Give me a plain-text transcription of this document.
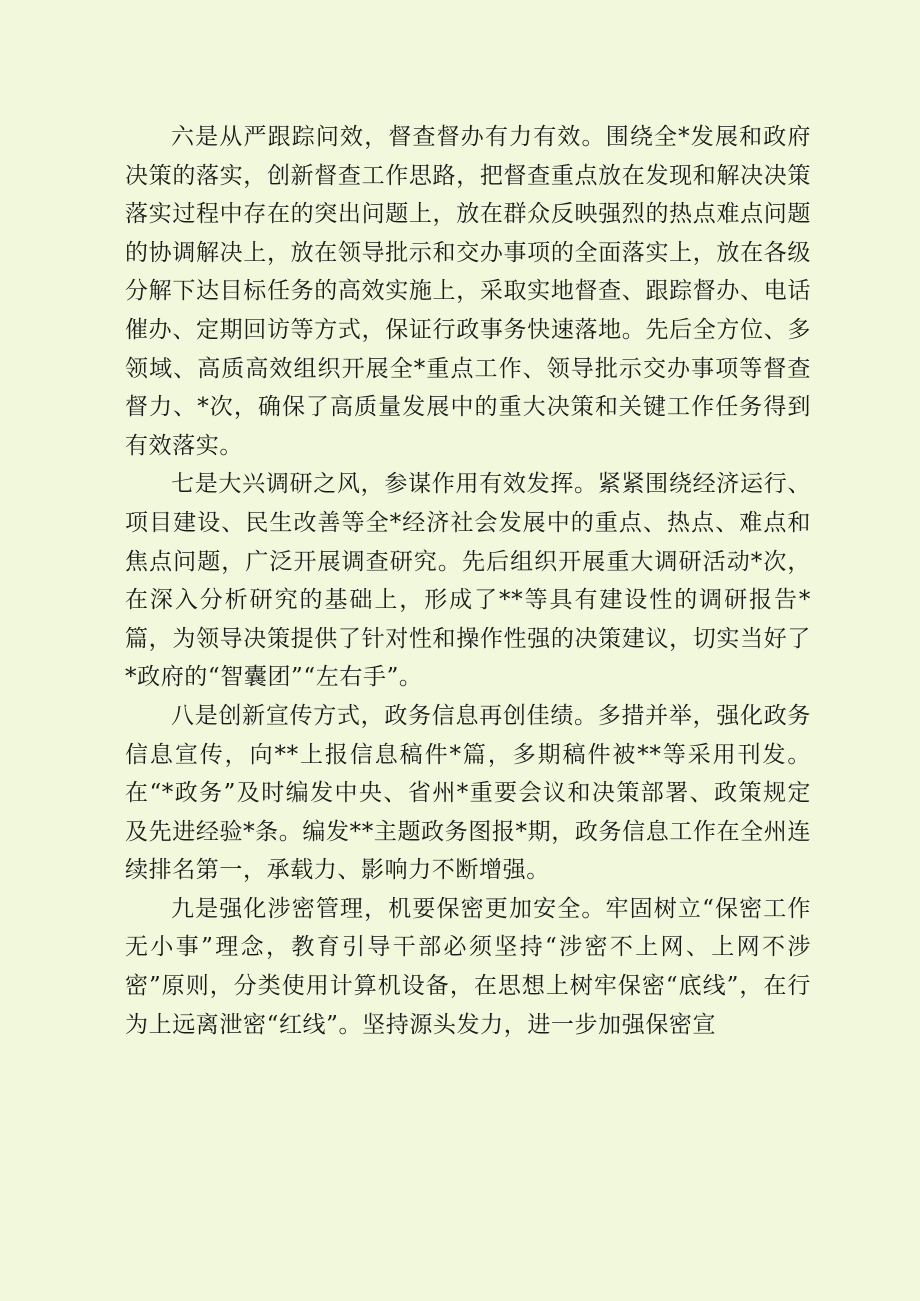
六是从严跟踪问效，督查督办有力有效。围绕全*发展和政府决策的落实，创新督查工作思路，把督查重点放在发现和解决决策落实过程中存在的突出问题上，放在群众反映强烈的热点难点问题的协调解决上，放在领导批示和交办事项的全面落实上，放在各级分解下达目标任务的高效实施上，采取实地督查、跟踪督办、电话催办、定期回访等方式，保证行政事务快速落地。先后全方位、多领域、高质高效组织开展全*重点工作、领导批示交办事项等督查督力、*次，确保了高质量发展中的重大决策和关键工作任务得到有效落实。

七是大兴调研之风，参谋作用有效发挥。紧紧围绕经济运行、项目建设、民生改善等全*经济社会发展中的重点、热点、难点和焦点问题，广泛开展调查研究。先后组织开展重大调研活动*次，在深入分析研究的基础上，形成了**等具有建设性的调研报告*篇，为领导决策提供了针对性和操作性强的决策建议，切实当好了*政府的“智囊团”“左右手”。

八是创新宣传方式，政务信息再创佳绩。多措并举，强化政务信息宣传，向**上报信息稿件*篇，多期稿件被**等采用刊发。在“*政务”及时编发中央、省州*重要会议和决策部署、政策规定及先进经验*条。编发**主题政务图报*期，政务信息工作在全州连续排名第一，承载力、影响力不断增强。

九是强化涉密管理，机要保密更加安全。牢固树立“保密工作无小事”理念，教育引导干部必须坚持“涉密不上网、上网不涉密”原则，分类使用计算机设备，在思想上树牢保密“底线”，在行为上远离泄密“红线”。坚持源头发力，进一步加强保密宣
